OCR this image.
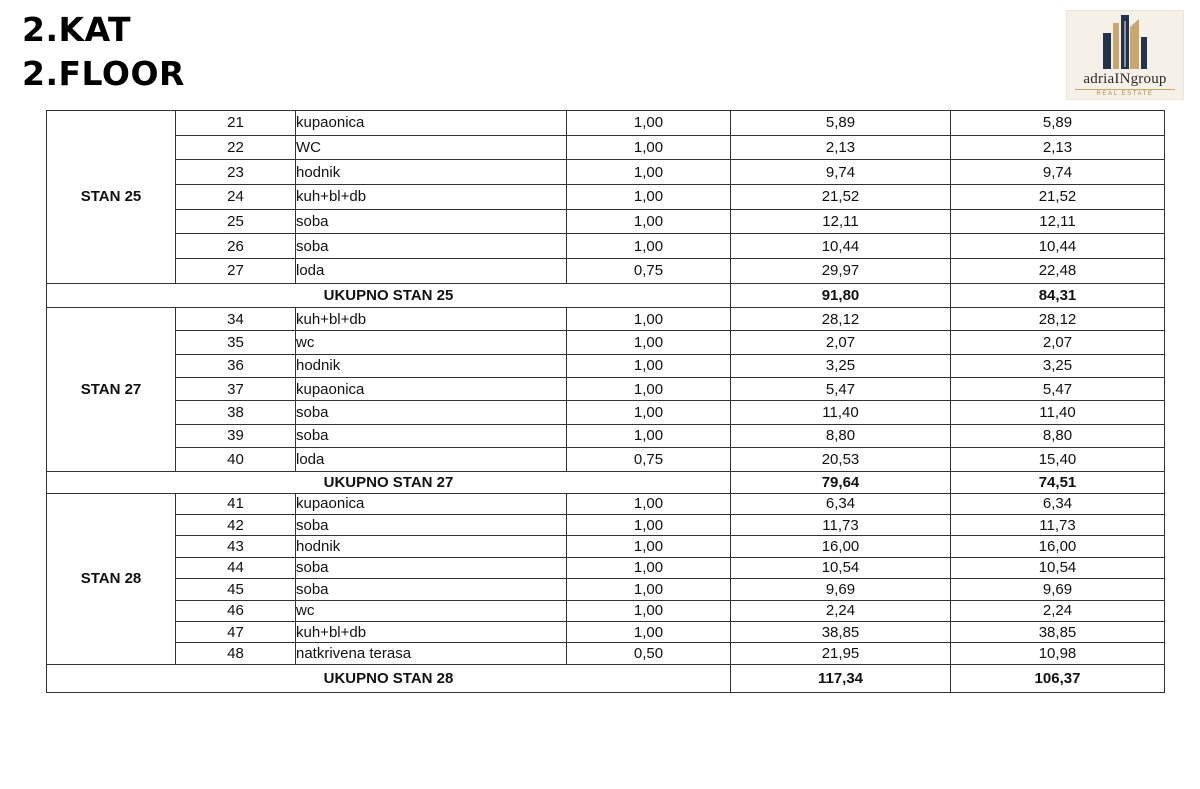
2.KAT
2.FLOOR	adriaINgroup
REAL ESTATE
STAN 25	21	kupaonica	1,00	5,89	5,89
	22	WC	1,00	2,13	2,13
	23	hodnik	1,00	9,74	9,74
	24	kuh+bl+db	1,00	21,52	21,52
	25	soba	1,00	12,11	12,11
	26	soba	1,00	10,44	10,44
	27	loda	0,75	29,97	22,48
UKUPNO STAN 25				91,80	84,31
STAN 27	34	kuh+bl+db	1,00	28,12	28,12
	35	wc	1,00	2,07	2,07
	36	hodnik	1,00	3,25	3,25
	37	kupaonica	1,00	5,47	5,47
	38	soba	1,00	11,40	11,40
	39	soba	1,00	8,80	8,80
	40	loda	0,75	20,53	15,40
UKUPNO STAN 27				79,64	74,51
STAN 28	41	kupaonica	1,00	6,34	6,34
	42	soba	1,00	11,73	11,73
	43	hodnik	1,00	16,00	16,00
	44	soba	1,00	10,54	10,54
	45	soba	1,00	9,69	9,69
	46	wc	1,00	2,24	2,24
	47	kuh+bl+db	1,00	38,85	38,85
	48	natkrivena terasa	0,50	21,95	10,98
UKUPNO STAN 28				117,34	106,37
